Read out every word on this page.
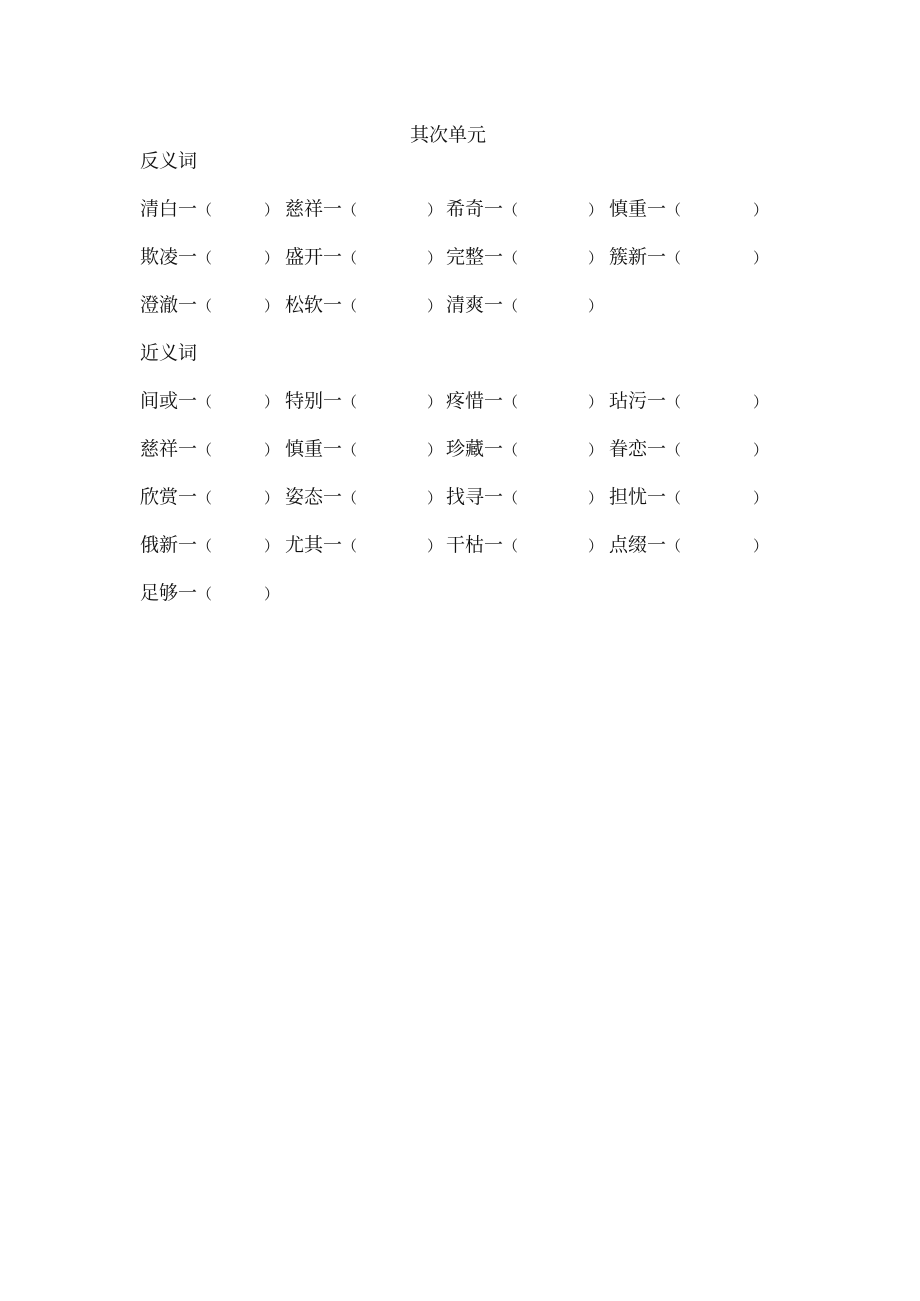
其次单元
反义词
清白一（	） 慈祥一（	） 希奇一（	） 慎重一（	）
欺凌一（	） 盛开一（	） 完整一（	） 簇新一（	）
澄澈一（	） 松软一（	） 清爽一（	）
近义词
间或一（	） 特别一（	） 疼惜一（	） 玷污一（	）
慈祥一（	） 慎重一（	） 珍藏一（	） 眷恋一（	）
欣赏一（	） 姿态一（	） 找寻一（	） 担忧一（	）
俄新一（	） 尤其一（	） 干枯一（	） 点缀一（	）
足够一（	）
